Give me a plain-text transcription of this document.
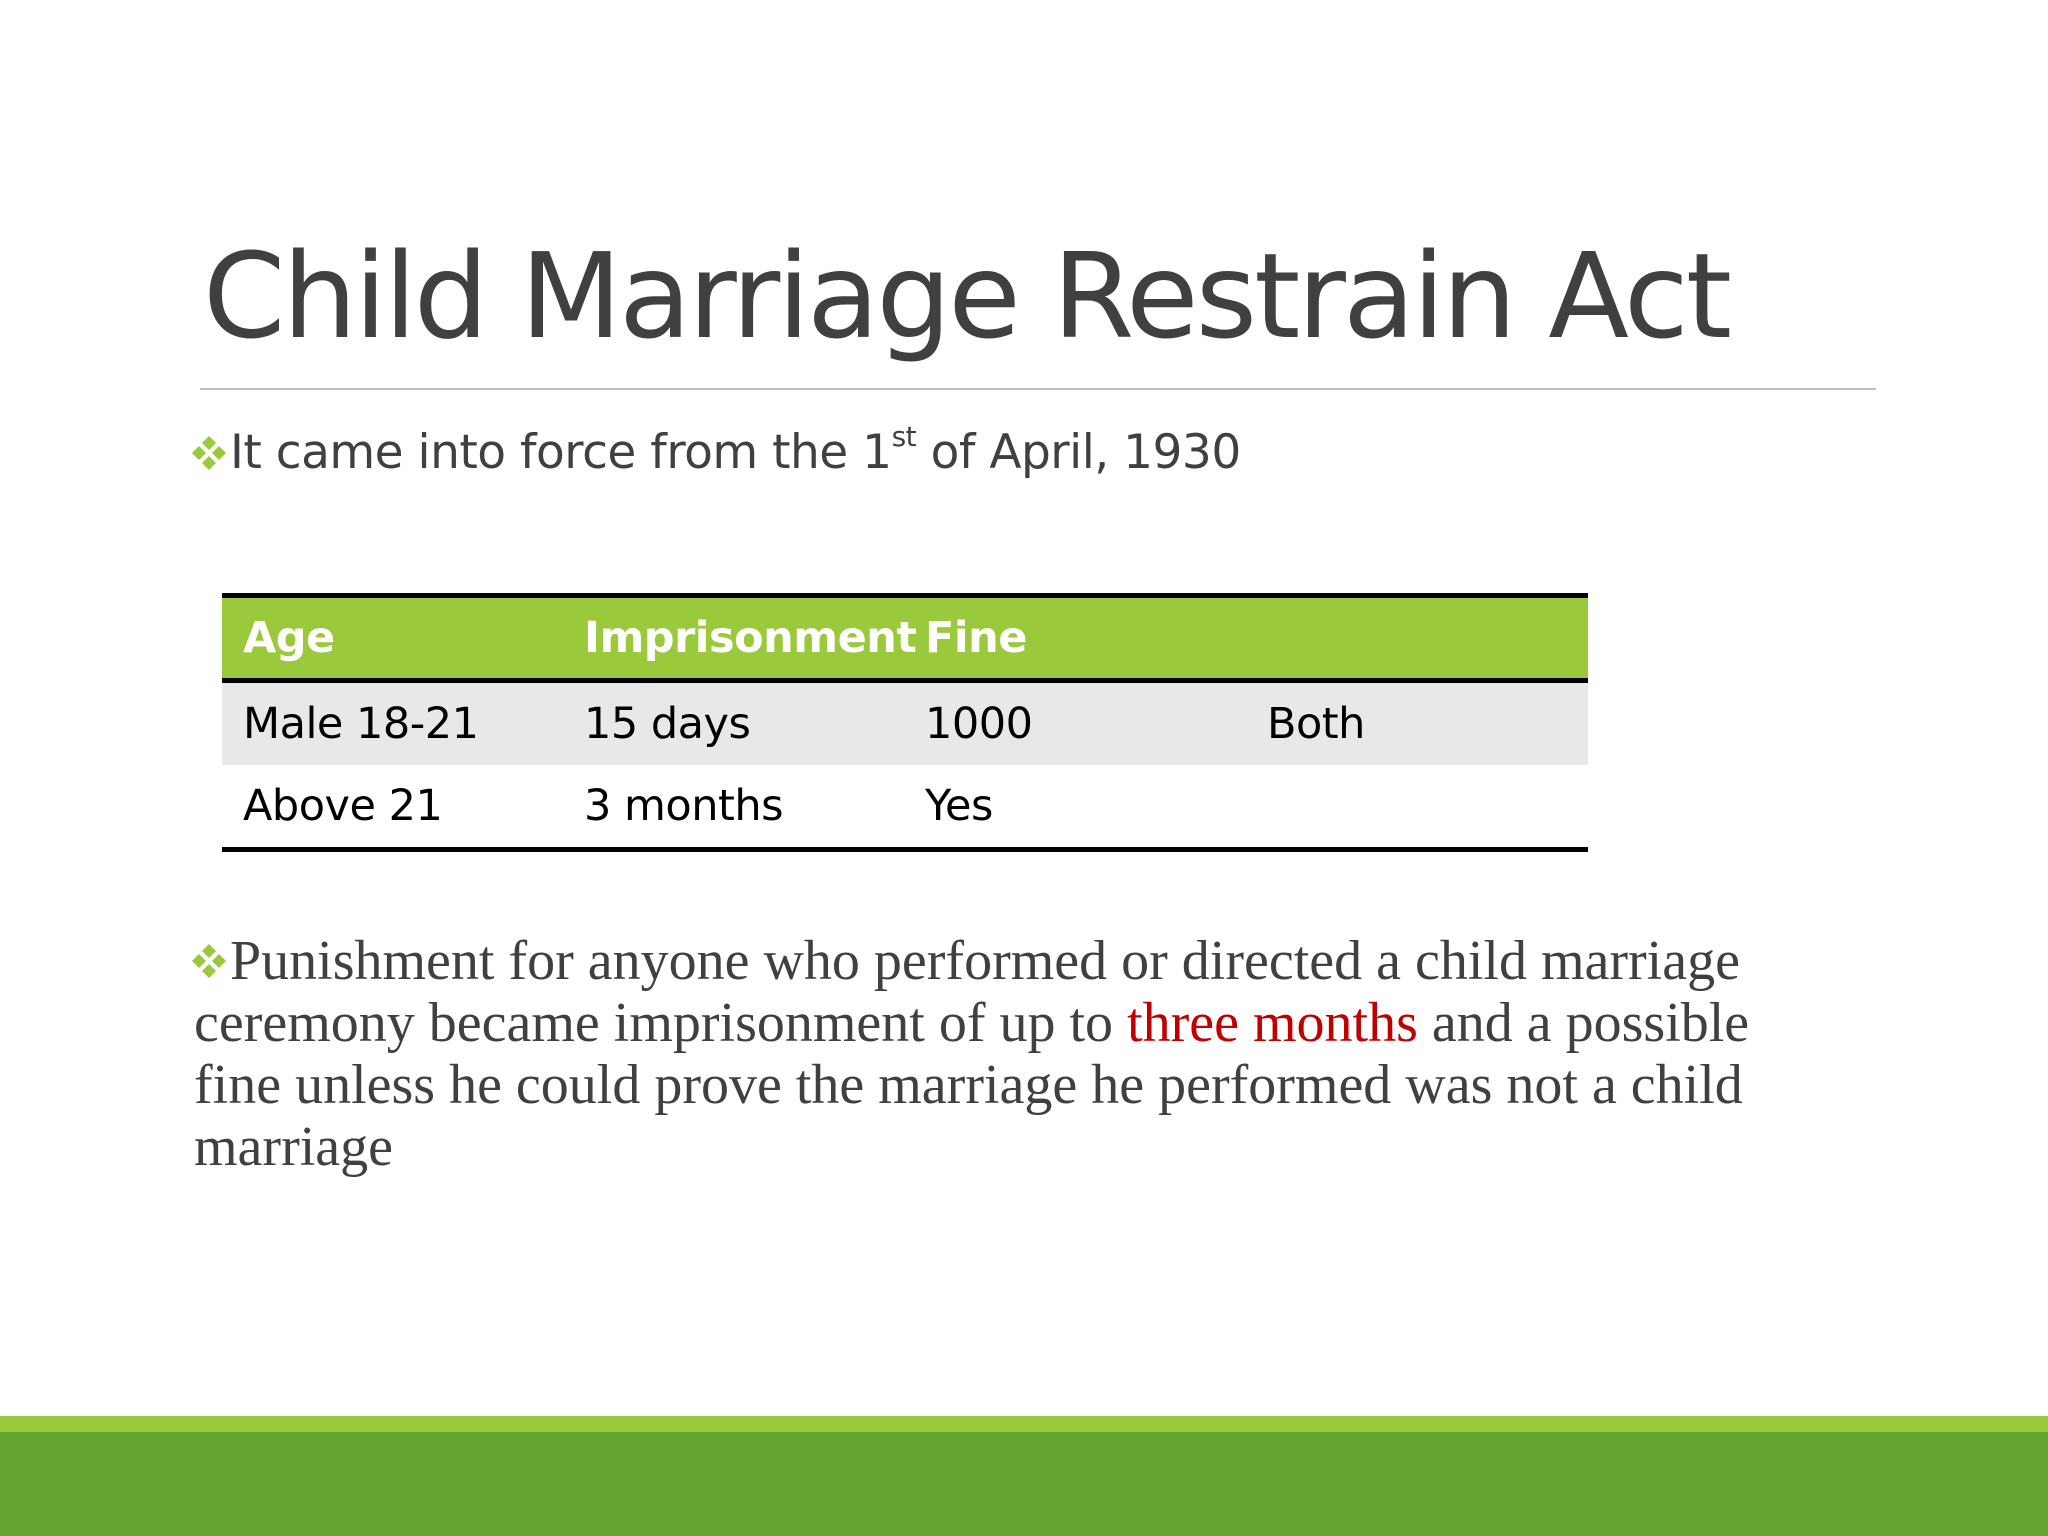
Child Marriage Restrain Act
It came into force from the 1st of April, 1930
Age	Imprisonment	Fine	
Male 18-21	15 days	1000	Both
Above 21	3 months	Yes	
Punishment for anyone who performed or directed a child marriage ceremony became imprisonment of up to three months and a possible fine unless he could prove the marriage he performed was not a child marriage
